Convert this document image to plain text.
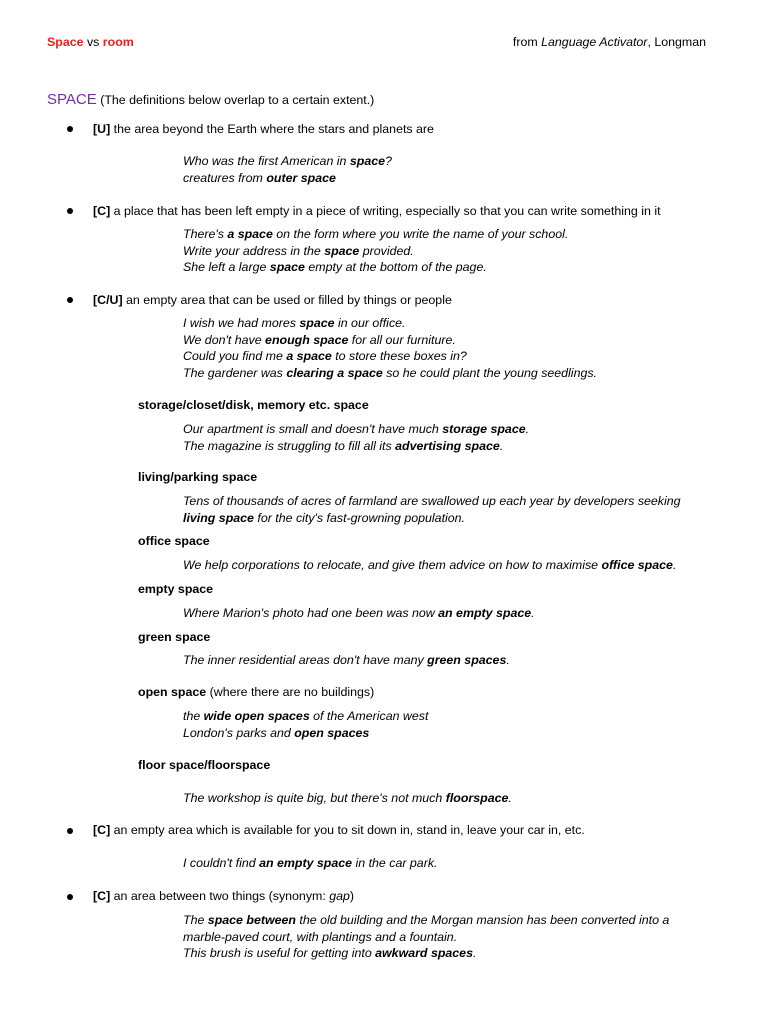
Space vs room	from Language Activator, Longman
SPACE (The definitions below overlap to a certain extent.)
[U] the area beyond the Earth where the stars and planets are
Who was the first American in space?
creatures from outer space
[C] a place that has been left empty in a piece of writing, especially so that you can write something in it
There's a space on the form where you write the name of your school.
Write your address in the space provided.
She left a large space empty at the bottom of the page.
[C/U] an empty area that can be used or filled by things or people
I wish we had mores space in our office.
We don't have enough space for all our furniture.
Could you find me a space to store these boxes in?
The gardener was clearing a space so he could plant the young seedlings.
storage/closet/disk, memory etc. space
Our apartment is small and doesn't have much storage space.
The magazine is struggling to fill all its advertising space.
living/parking space
Tens of thousands of acres of farmland are swallowed up each year by developers seeking
living space for the city's fast-growning population.
office space
We help corporations to relocate, and give them advice on how to maximise office space.
empty space
Where Marion's photo had one been was now an empty space.
green space
The inner residential areas don't have many green spaces.
open space (where there are no buildings)
the wide open spaces of the American west
London's parks and open spaces
floor space/floorspace
The workshop is quite big, but there's not much floorspace.
[C] an empty area which is available for you to sit down in, stand in, leave your car in, etc.
I couldn't find an empty space in the car park.
[C] an area between two things (synonym: gap)
The space between the old building and the Morgan mansion has been converted into a
marble-paved court, with plantings and a fountain.
This brush is useful for getting into awkward spaces.
